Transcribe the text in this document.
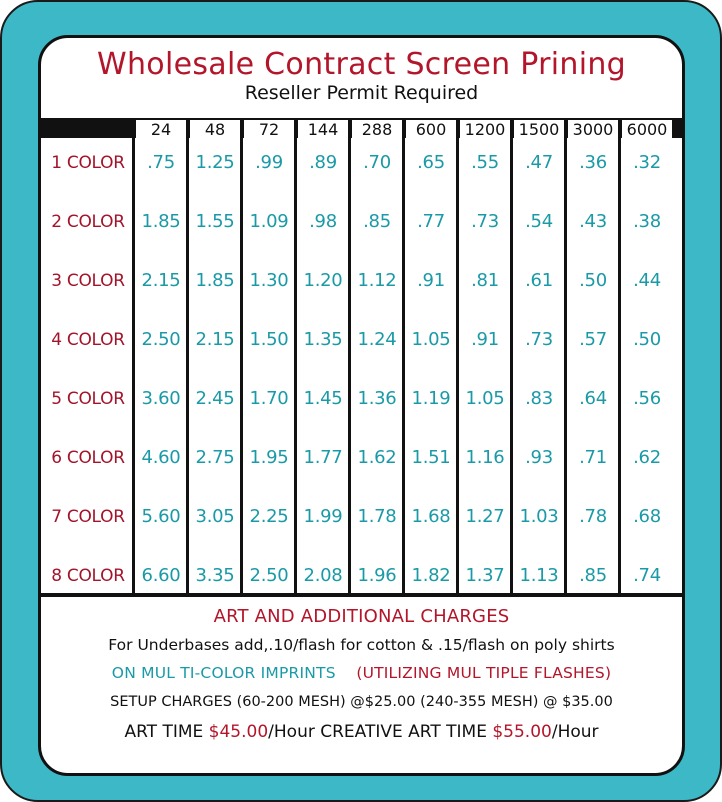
Wholesale Contract Screen Prining
Reseller Permit Required
24	48	72	144	288	600	1200 1500 3000 6000
1 COLOR	.75	1.25	.99	.89	.70	.65	.55	.47	.36	.32
2 COLOR 1.85 1.55 1.09	.98	.85	.77	.73	.54	.43	.38
3 COLOR 2.15 1.85 1.30 1.20 1.12	.91	.81	.61	.50	.44
4 COLOR 2.50 2.15 1.50 1.35 1.24 1.05	.91	.73	.57	.50
5 COLOR 3.60 2.45 1.70 1.45 1.36 1.19 1.05	.83	.64	.56
6 COLOR 4.60 2.75 1.95 1.77 1.62 1.51 1.16	.93	.71	.62
7 COLOR 5.60 3.05 2.25 1.99 1.78 1.68 1.27 1.03	.78	.68
8 COLOR 6.60 3.35 2.50 2.08 1.96 1.82 1.37 1.13	.85	.74
ART AND ADDITIONAL CHARGES
For Underbases add,.10/flash for cotton & .15/flash on poly shirts
ON MUL TI-COLOR IMPRINTS (UTILIZING MUL TIPLE FLASHES)
SETUP CHARGES (60-200 MESH) @$25.00 (240-355 MESH) @ $35.00
ART TIME $45.00/Hour CREATIVE ART TIME $55.00/Hour
